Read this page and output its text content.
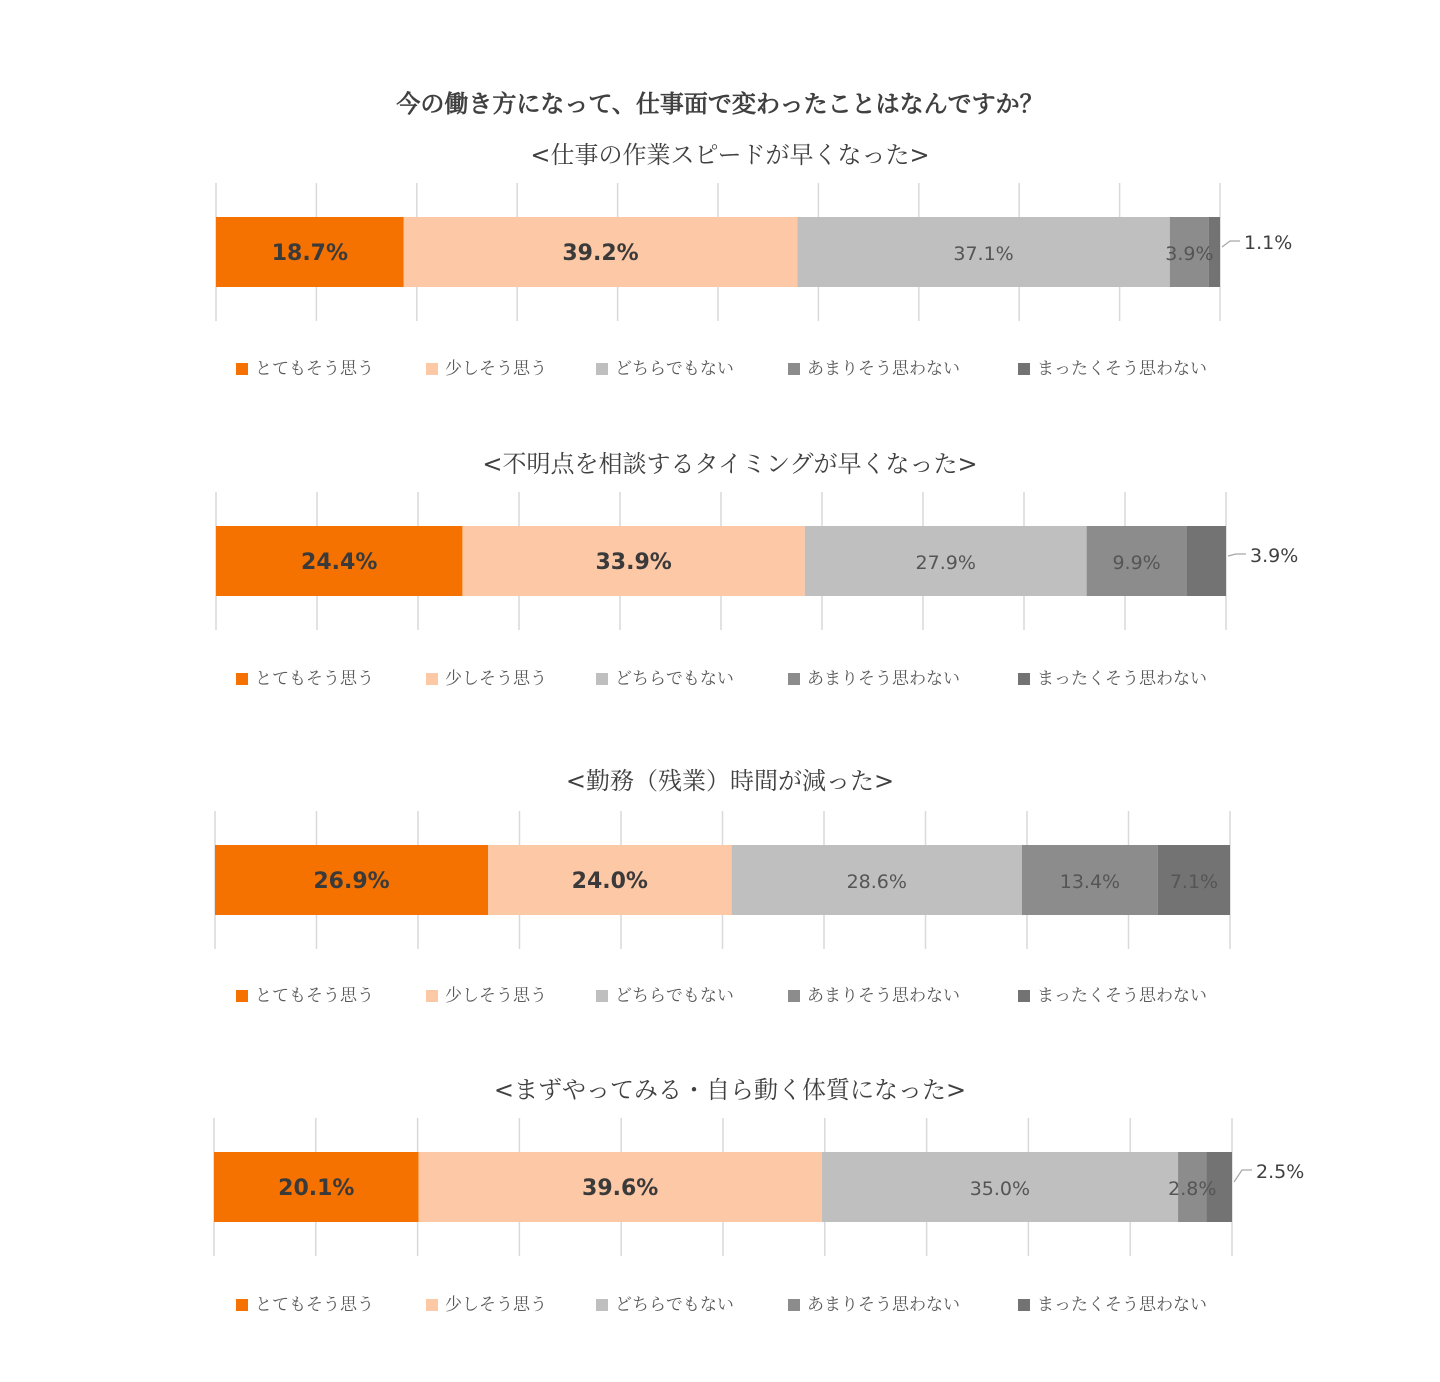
今の働き方になって、仕事面で変わったことはなんですか？
<仕事の作業スピードが早くなった>
18.7%	39.2%	37.1%	3.9% 1.1%
とてもそう思う	少しそう思う	どちらでもない	あまりそう思わない	まったくそう思わない
<不明点を相談するタイミングが早くなった>
24.4%	33.9%	27.9%	9.9%	3.9%
とてもそう思う	少しそう思う	どちらでもない	あまりそう思わない	まったくそう思わない
<勤務（残業）時間が減った>
26.9%	24.0%	28.6%	13.4%	7.1%
とてもそう思う	少しそう思う	どちらでもない	あまりそう思わない	まったくそう思わない
<まずやってみる・自ら動く体質になった>
20.1%	39.6%	35.0%	2.8%
2.5%
とてもそう思う	少しそう思う	どちらでもない	あまりそう思わない	まったくそう思わない
